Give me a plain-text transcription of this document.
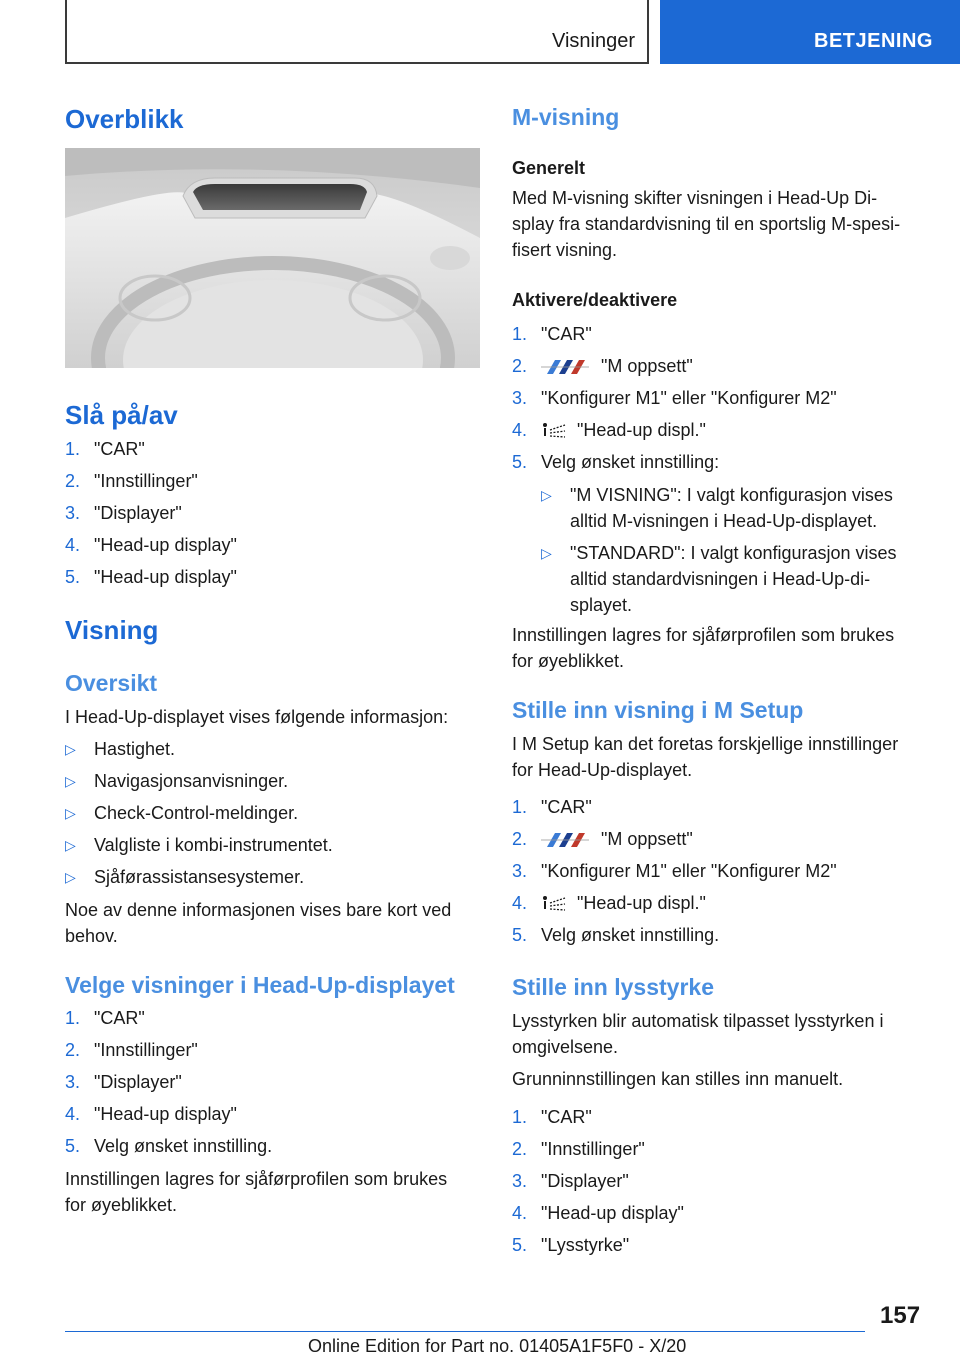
Visninger	BETJENING
Overblikk
Slå på/av
1. "CAR"
2. "Innstillinger"
3. "Displayer"
4. "Head-up display"
5. "Head-up display"
Visning
Oversikt
I Head-Up-displayet vises følgende informasjon:
▷ Hastighet.
▷ Navigasjonsanvisninger.
▷ Check-Control-meldinger.
▷ Valgliste i kombi-instrumentet.
▷ Sjåførassistansesystemer.
Noe av denne informasjonen vises bare kort ved
behov.
Velge visninger i Head-Up-displayet
1. "CAR"
2. "Innstillinger"
3. "Displayer"
4. "Head-up display"
5. Velg ønsket innstilling.
Innstillingen lagres for sjåførprofilen som brukes
for øyeblikket.
M-visning
Generelt
Med M-visning skifter visningen i Head-Up Di-
splay fra standardvisning til en sportslig M-spesi-
fisert visning.
Aktivere/deaktivere
1. "CAR"
2.	"M oppsett"
3. "Konfigurer M1" eller "Konfigurer M2"
4.	"Head-up displ."
5. Velg ønsket innstilling:
▷ "M VISNING": I valgt konfigurasjon vises
alltid M-visningen i Head-Up-displayet.
▷ "STANDARD": I valgt konfigurasjon vises
alltid standardvisningen i Head-Up-di-
splayet.
Innstillingen lagres for sjåførprofilen som brukes
for øyeblikket.
Stille inn visning i M Setup
I M Setup kan det foretas forskjellige innstillinger
for Head-Up-displayet.
1. "CAR"
2.	"M oppsett"
3. "Konfigurer M1" eller "Konfigurer M2"
4.	"Head-up displ."
5. Velg ønsket innstilling.
Stille inn lysstyrke
Lysstyrken blir automatisk tilpasset lysstyrken i
omgivelsene.
Grunninnstillingen kan stilles inn manuelt.
1. "CAR"
2. "Innstillinger"
3. "Displayer"
4. "Head-up display"
5. "Lysstyrke"
157
Online Edition for Part no. 01405A1F5F0 - X/20
